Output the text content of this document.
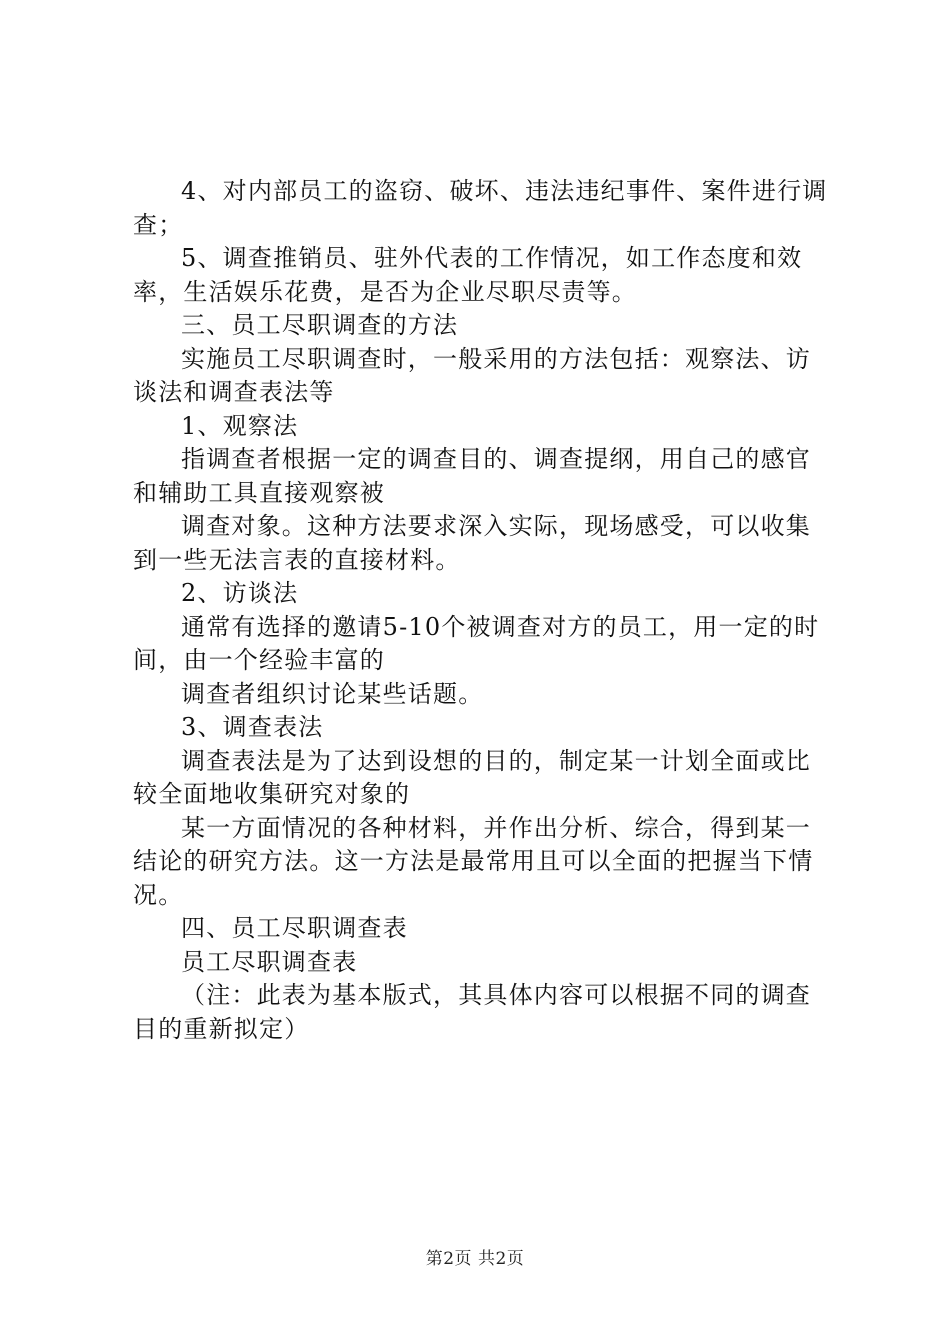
4、对内部员工的盗窃、破坏、违法违纪事件、案件进行调查；

5、调查推销员、驻外代表的工作情况，如工作态度和效率，生活娱乐花费，是否为企业尽职尽责等。

三、员工尽职调查的方法

实施员工尽职调查时，一般采用的方法包括：观察法、访谈法和调查表法等

1、观察法

指调查者根据一定的调查目的、调查提纲，用自己的感官和辅助工具直接观察被

调查对象。这种方法要求深入实际，现场感受，可以收集到一些无法言表的直接材料。

2、访谈法

通常有选择的邀请5-10个被调查对方的员工，用一定的时间，由一个经验丰富的

调查者组织讨论某些话题。

3、调查表法

调查表法是为了达到设想的目的，制定某一计划全面或比较全面地收集研究对象的

某一方面情况的各种材料，并作出分析、综合，得到某一结论的研究方法。这一方法是最常用且可以全面的把握当下情况。

四、员工尽职调查表

员工尽职调查表

（注：此表为基本版式，其具体内容可以根据不同的调查目的重新拟定）

第2页 共2页
